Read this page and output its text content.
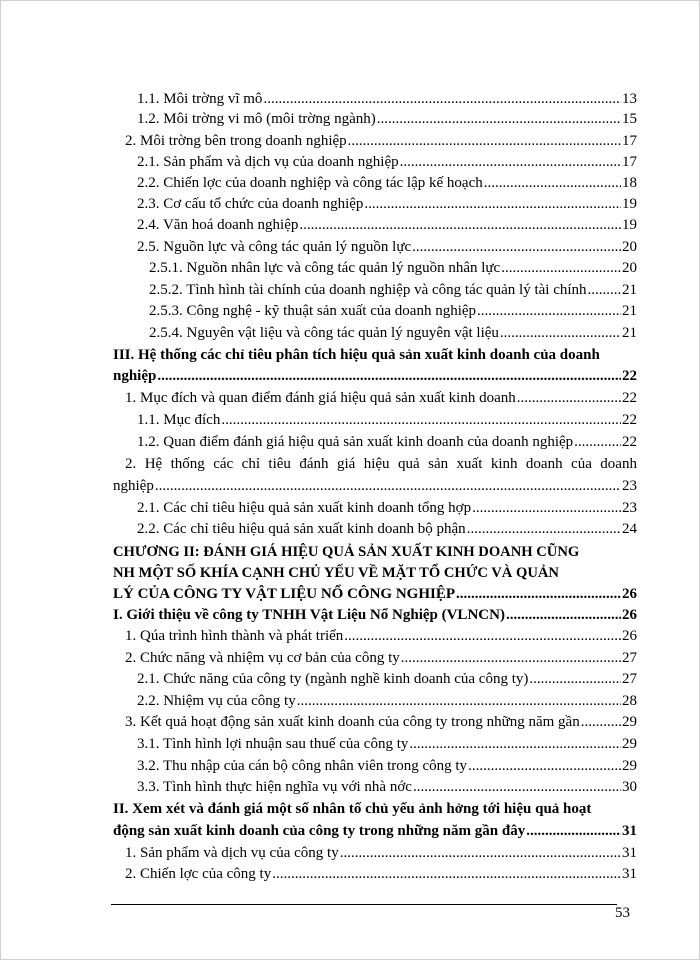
1.1. Môi trờng vĩ mô .....	13
1.2. Môi trờng vi mô (môi trờng ngành) .....	15
2. Môi trờng bên trong doanh nghiệp .....	17
2.1. Sản phẩm và dịch vụ của doanh nghiệp .....	17
2.2. Chiến lợc của doanh nghiệp và công tác lập kế hoạch .....	18
2.3. Cơ cấu tổ chức của doanh nghiệp .....	19
2.4. Văn hoá doanh nghiệp .....	19
2.5. Nguồn lực và công tác quản lý nguồn lực .....	20
2.5.1. Nguồn nhân lực và công tác quản lý nguồn nhân lực .....	20
2.5.2. Tình hình tài chính của doanh nghiệp và công tác quản lý tài chính ..... 21
2.5.3. Công nghệ - kỹ thuật sản xuất của doanh nghiệp .....	21
2.5.4. Nguyên vật liệu và công tác quản lý nguyên vật liệu .....	21
III. Hệ thống các chỉ tiêu phân tích hiệu quả sản xuất kinh doanh của doanh
nghiệp .....	22
1. Mục đích và quan điểm đánh giá hiệu quả sản xuất kinh doanh .....	22
1.1. Mục đích .....	22
1.2. Quan điểm đánh giá hiệu quả sản xuất kinh doanh của doanh nghiệp .....	22
2. Hệ thống các chỉ tiêu đánh giá hiệu quả sản xuất kinh doanh của doanh
nghiệp .....	23
2.1. Các chỉ tiêu hiệu quả sản xuất kinh doanh tổng hợp .....	23
2.2. Các chỉ tiêu hiệu quả sản xuất kinh doanh bộ phận .....	24
CHƯƠNG II: ĐÁNH GIÁ HIỆU QUẢ SẢN XUẤT KINH DOANH CŨNG
NH MỘT SỐ KHÍA CẠNH CHỦ YẾU VỀ MẶT TỔ CHỨC VÀ QUẢN
LÝ CỦA CÔNG TY VẬT LIỆU NỔ CÔNG NGHIỆP .....	26
I. Giới thiệu về công ty TNHH Vật Liệu Nổ Nghiệp (VLNCN) .....	26
1. Qúa trình hình thành và phát triển .....	26
2. Chức năng và nhiệm vụ cơ bản của công ty .....	27
2.1. Chức năng của công ty (ngành nghề kinh doanh của công ty) .....	27
2.2. Nhiệm vụ của công ty .....	28
3. Kết quả hoạt động sản xuất kinh doanh của công ty trong những năm gần .....	29
3.1. Tình hình lợi nhuận sau thuế của công ty .....	29
3.2. Thu nhập của cán bộ công nhân viên trong công ty .....	29
3.3. Tình hình thực hiện nghĩa vụ với nhà nớc .....	30
II. Xem xét và đánh giá một số nhân tố chủ yếu ảnh hởng tới hiệu quả hoạt
động sản xuất kinh doanh của công ty trong những năm gần đây .....	31
1. Sản phẩm và dịch vụ của công ty .....	31
2. Chiến lợc của công ty .....	31
53
